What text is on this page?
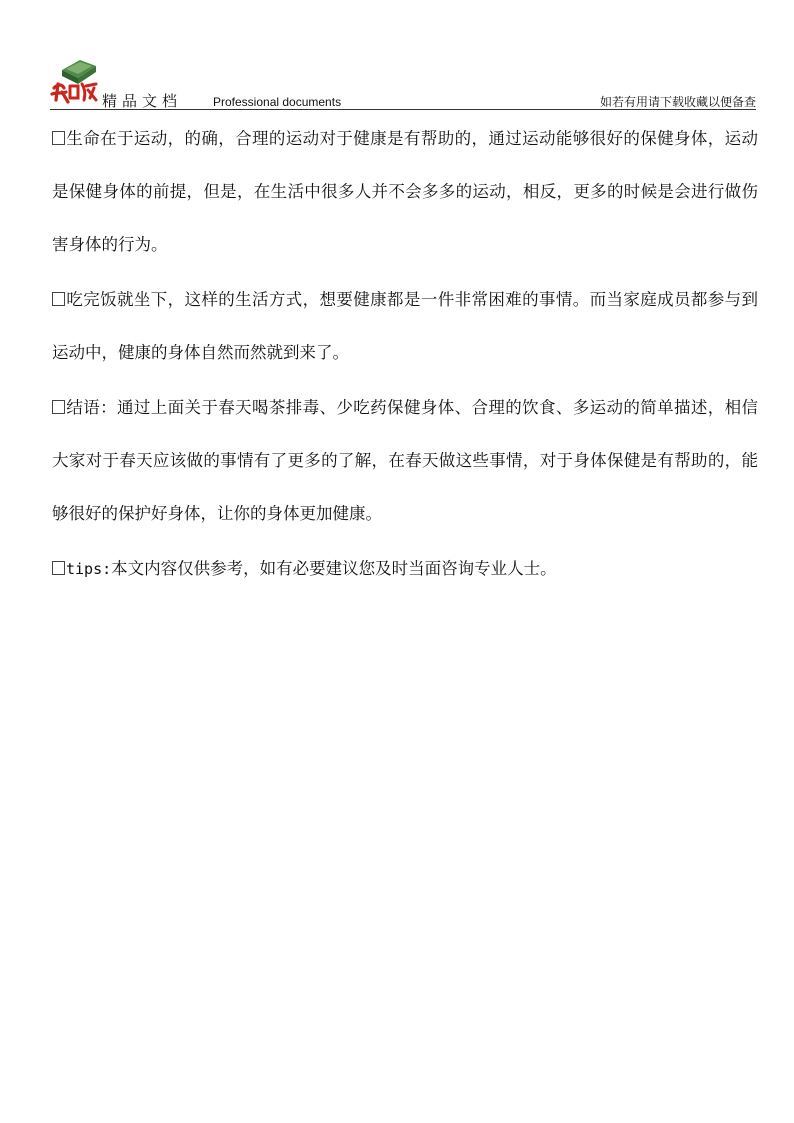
精品文档	Professional documents	如若有用请下载收藏以便备查

生命在于运动，的确，合理的运动对于健康是有帮助的，通过运动能够很好的保健身体，运动是保健身体的前提，但是，在生活中很多人并不会多多的运动，相反，更多的时候是会进行做伤害身体的行为。

吃完饭就坐下，这样的生活方式，想要健康都是一件非常困难的事情。而当家庭成员都参与到运动中，健康的身体自然而然就到来了。

结语：通过上面关于春天喝茶排毒、少吃药保健身体、合理的饮食、多运动的简单描述，相信大家对于春天应该做的事情有了更多的了解，在春天做这些事情，对于身体保健是有帮助的，能够很好的保护好身体，让你的身体更加健康。

tips:本文内容仅供参考，如有必要建议您及时当面咨询专业人士。
